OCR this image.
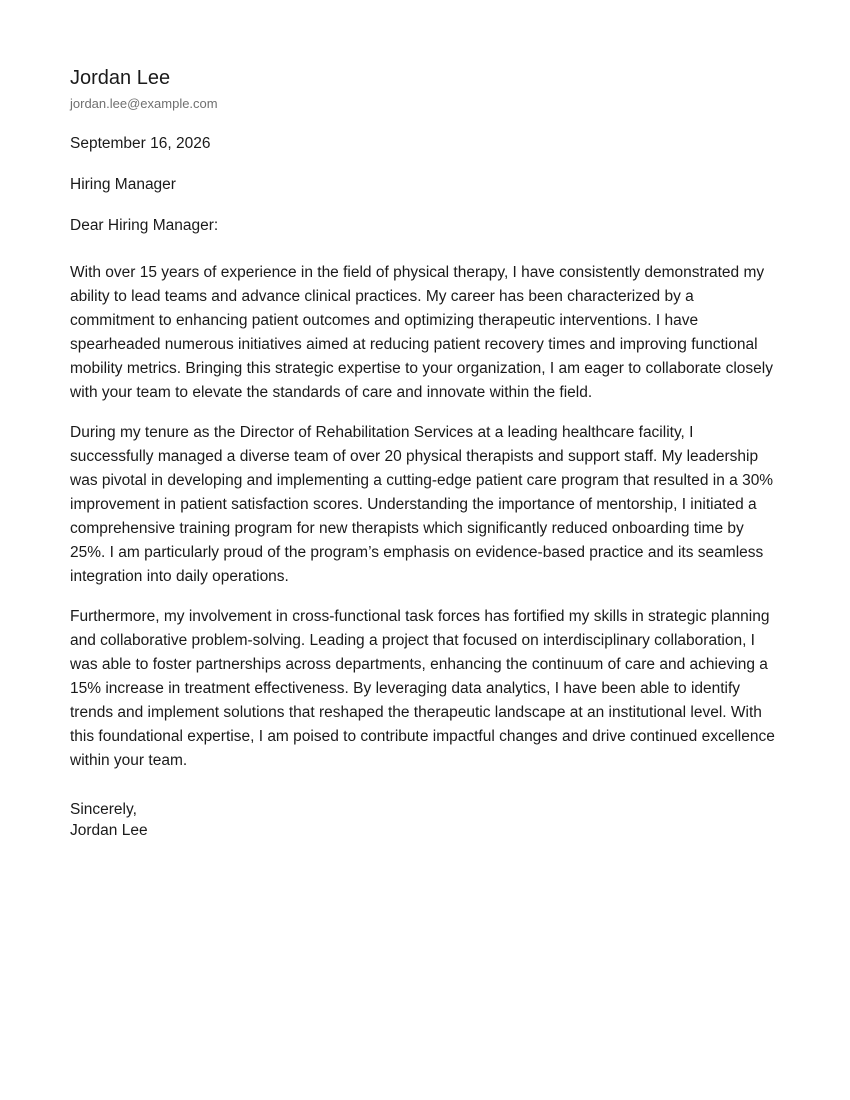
Jordan Lee
jordan.lee@example.com

September 16, 2026

Hiring Manager

Dear Hiring Manager:

With over 15 years of experience in the field of physical therapy, I have consistently demonstrated my ability to lead teams and advance clinical practices. My career has been characterized by a commitment to enhancing patient outcomes and optimizing therapeutic interventions. I have spearheaded numerous initiatives aimed at reducing patient recovery times and improving functional mobility metrics. Bringing this strategic expertise to your organization, I am eager to collaborate closely with your team to elevate the standards of care and innovate within the field.

During my tenure as the Director of Rehabilitation Services at a leading healthcare facility, I successfully managed a diverse team of over 20 physical therapists and support staff. My leadership was pivotal in developing and implementing a cutting-edge patient care program that resulted in a 30% improvement in patient satisfaction scores. Understanding the importance of mentorship, I initiated a comprehensive training program for new therapists which significantly reduced onboarding time by 25%. I am particularly proud of the program’s emphasis on evidence-based practice and its seamless integration into daily operations.

Furthermore, my involvement in cross-functional task forces has fortified my skills in strategic planning and collaborative problem-solving. Leading a project that focused on interdisciplinary collaboration, I was able to foster partnerships across departments, enhancing the continuum of care and achieving a 15% increase in treatment effectiveness. By leveraging data analytics, I have been able to identify trends and implement solutions that reshaped the therapeutic landscape at an institutional level. With this foundational expertise, I am poised to contribute impactful changes and drive continued excellence within your team.

Sincerely,
Jordan Lee
